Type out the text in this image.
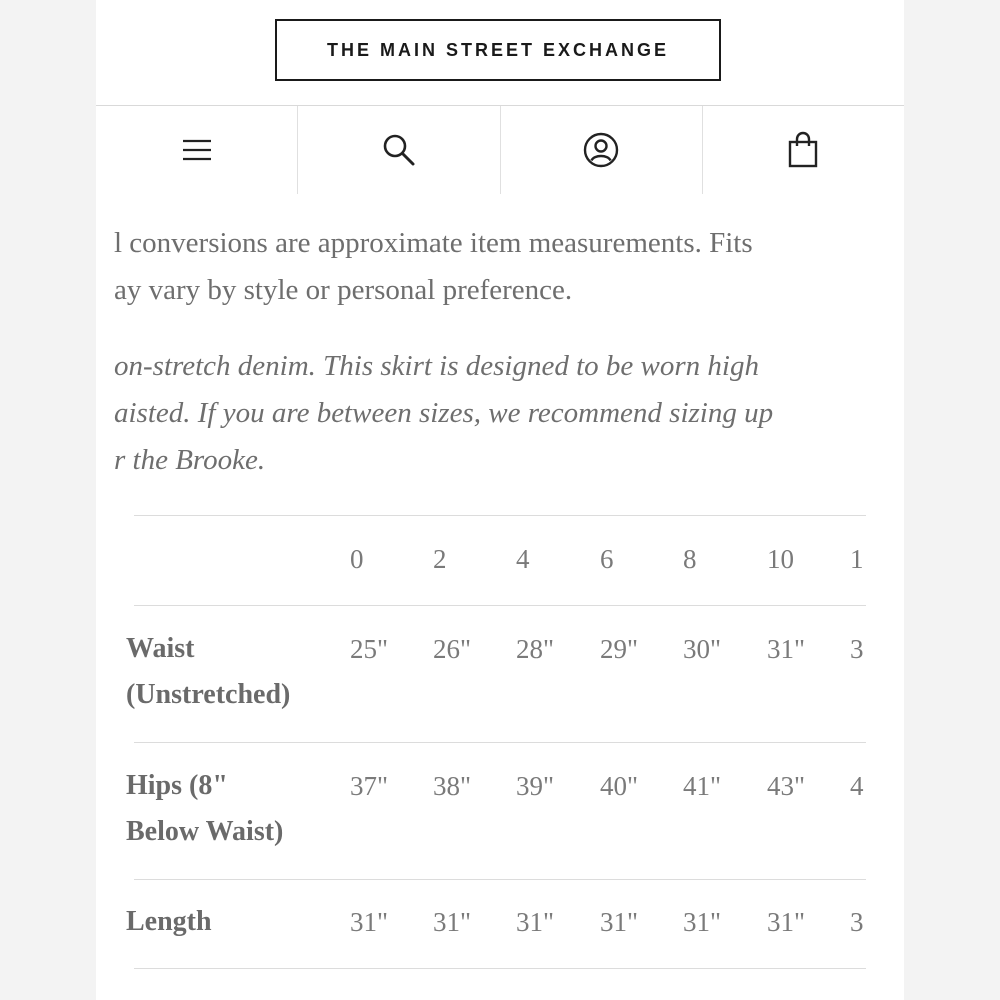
THE MAIN STREET EXCHANGE
l conversions are approximate item measurements. Fits
ay vary by style or personal preference.
on-stretch denim. This skirt is designed to be worn high
aisted. If you are between sizes, we recommend sizing up
r the Brooke.
0	2	4	6	8	10 1
Waist
(Unstretched)
25" 26" 28" 29" 30" 31" 3
Hips (8"
Below Waist)
37" 38" 39" 40" 41" 43" 4
Length	31" 31" 31" 31" 31" 31" 3
